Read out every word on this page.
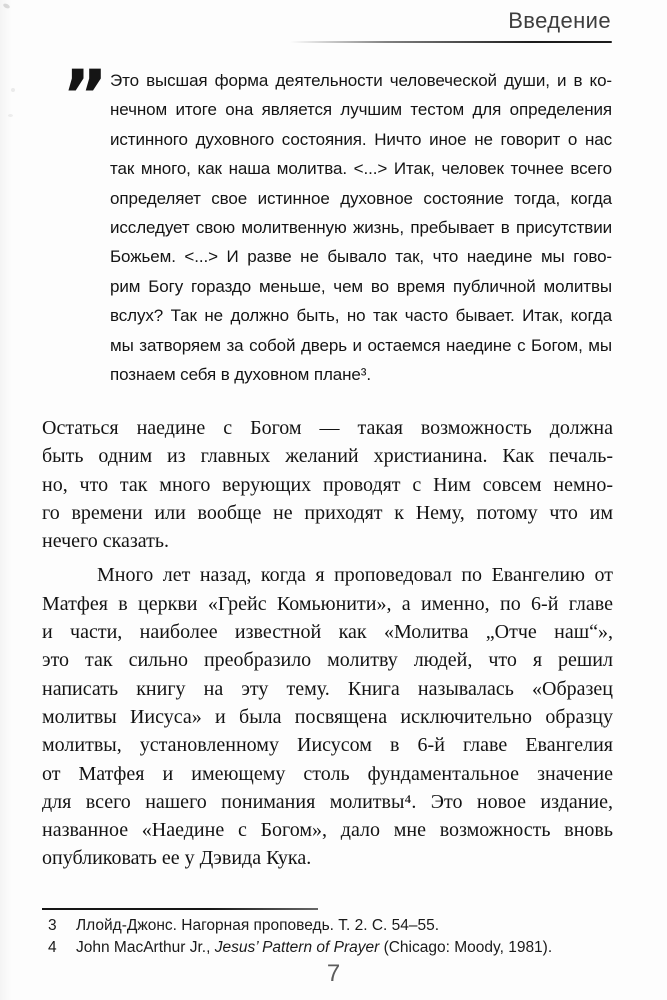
Введение
” Это высшая форма деятельности человеческой души, и в ко-
нечном итоге она является лучшим тестом для определения
истинного духовного состояния. Ничто иное не говорит о нас
так много, как наша молитва. <...> Итак, человек точнее всего
определяет свое истинное духовное состояние тогда, когда
исследует свою молитвенную жизнь, пребывает в присутствии
Божьем. <...> И разве не бывало так, что наедине мы гово-
рим Богу гораздо меньше, чем во время публичной молитвы
вслух? Так не должно быть, но так часто бывает. Итак, когда
мы затворяем за собой дверь и остаемся наедине с Богом, мы
познаем себя в духовном плане³.
Остаться наедине с Богом — такая возможность должна
быть одним из главных желаний христианина. Как печаль-
но, что так много верующих проводят с Ним совсем немно-
го времени или вообще не приходят к Нему, потому что им
нечего сказать.
Много лет назад, когда я проповедовал по Евангелию от
Матфея в церкви «Грейс Комьюнити», а именно, по 6-й главе
и части, наиболее известной как «Молитва „Отче наш“»,
это так сильно преобразило молитву людей, что я решил
написать книгу на эту тему. Книга называлась «Образец
молитвы Иисуса» и была посвящена исключительно образцу
молитвы, установленному Иисусом в 6-й главе Евангелия
от Матфея и имеющему столь фундаментальное значение
для всего нашего понимания молитвы⁴. Это новое издание,
названное «Наедине с Богом», дало мне возможность вновь
опубликовать ее у Дэвида Кука.
3	Ллойд-Джонс. Нагорная проповедь. Т. 2. С. 54–55.
4	John MacArthur Jr., Jesus’ Pattern of Prayer (Chicago: Moody, 1981).
7
